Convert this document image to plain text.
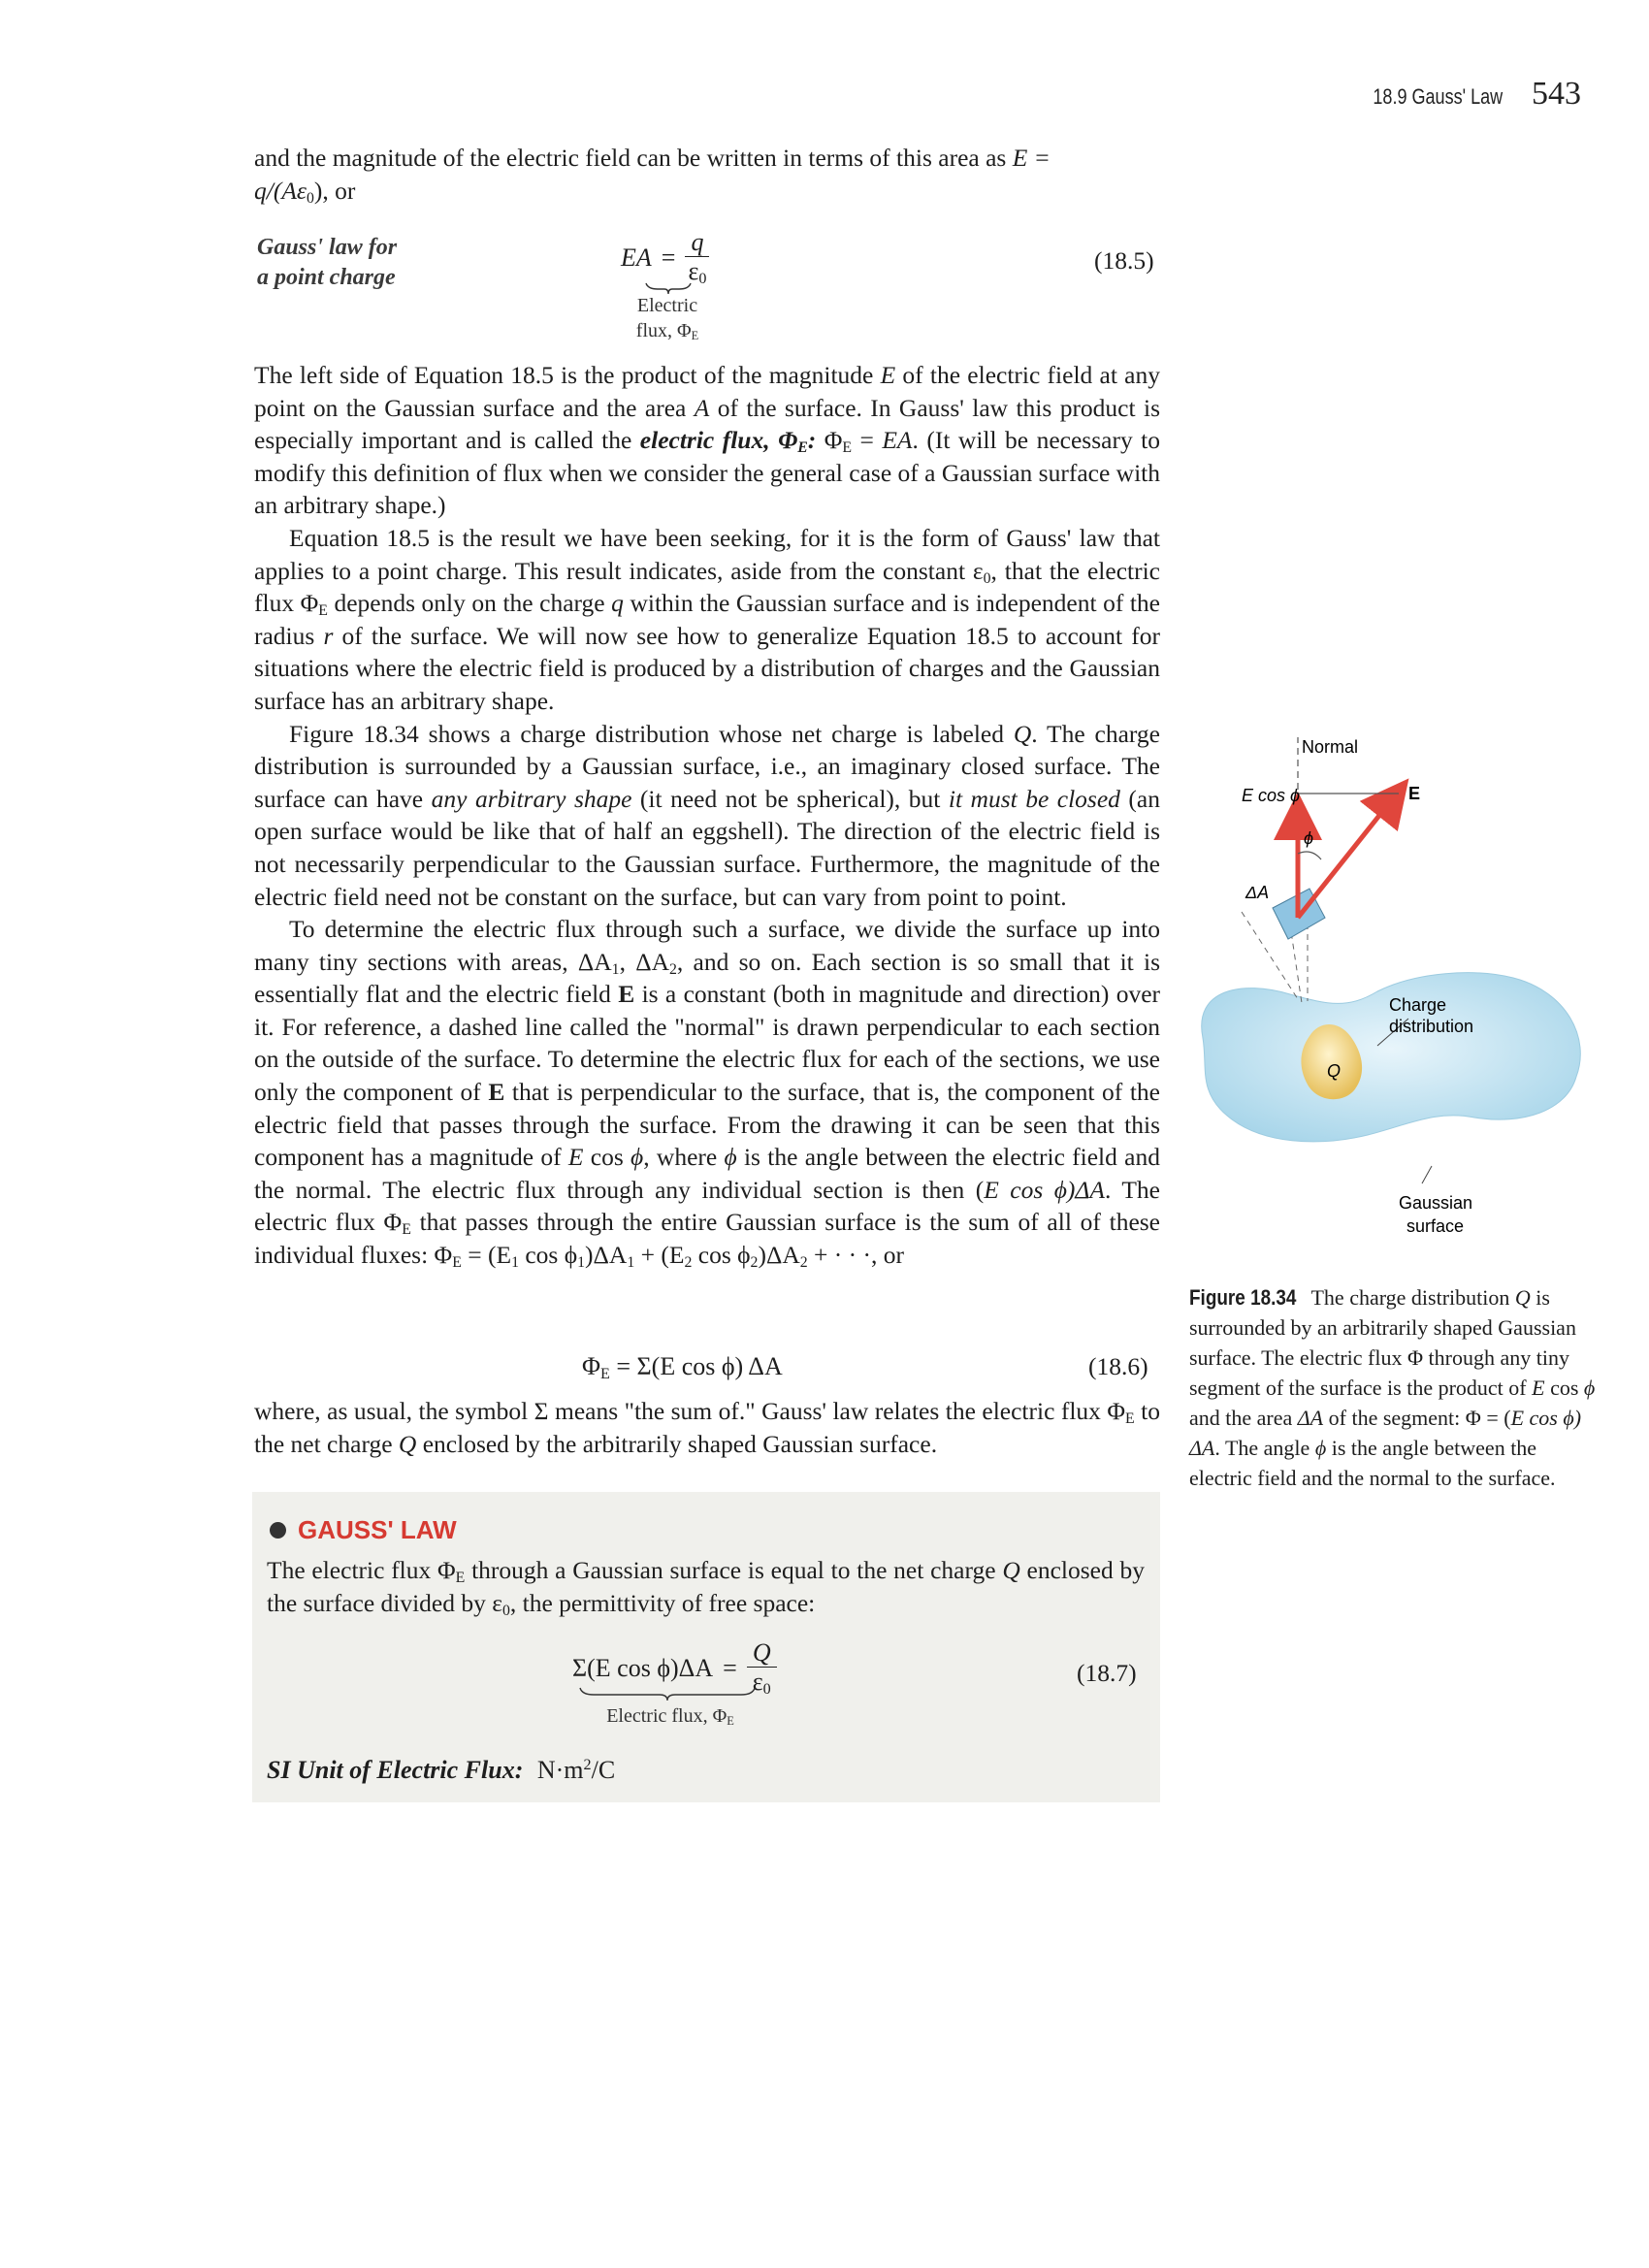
18.9 Gauss' Law 543

and the magnitude of the electric field can be written in terms of this area as E =
$q/(A\varepsilon_0)$, or

Gauss' law for
a point charge
EA = $\frac{q}{\varepsilon_0}$
Electric
flux, $\Phi_E$
(18.5)

The left side of Equation 18.5 is the product of the magnitude E of the electric field at any point on the Gaussian surface and the area A of the surface. In Gauss' law this product is especially important and is called the electric flux, $\Phi_E$: $\Phi_E$ = EA. (It will be necessary to modify this definition of flux when we consider the general case of a Gaussian surface with an arbitrary shape.)

Equation 18.5 is the result we have been seeking, for it is the form of Gauss' law that applies to a point charge. This result indicates, aside from the constant $\varepsilon_0$, that the electric flux $\Phi_E$ depends only on the charge q within the Gaussian surface and is independent of the radius r of the surface. We will now see how to generalize Equation 18.5 to account for situations where the electric field is produced by a distribution of charges and the Gaussian surface has an arbitrary shape.

Figure 18.34 shows a charge distribution whose net charge is labeled Q. The charge distribution is surrounded by a Gaussian surface, i.e., an imaginary closed surface. The surface can have any arbitrary shape (it need not be spherical), but it must be closed (an open surface would be like that of half an eggshell). The direction of the electric field is not necessarily perpendicular to the Gaussian surface. Furthermore, the magnitude of the electric field need not be constant on the surface, but can vary from point to point.

To determine the electric flux through such a surface, we divide the surface up into many tiny sections with areas, $\Delta A_1$, $\Delta A_2$, and so on. Each section is so small that it is essentially flat and the electric field E is a constant (both in magnitude and direction) over it. For reference, a dashed line called the "normal" is drawn perpendicular to each section on the outside of the surface. To determine the electric flux for each of the sections, we use only the component of E that is perpendicular to the surface, that is, the component of the electric field that passes through the surface. From the drawing it can be seen that this component has a magnitude of E cos ϕ, where ϕ is the angle between the electric field and the normal. The electric flux through any individual section is then (E cos ϕ)ΔA. The electric flux $\Phi_E$ that passes through the entire Gaussian surface is the sum of all of these individual fluxes: $\Phi_E = (E_1$ $\cos \phi_1)\Delta A_1 + (E_2$ $\cos \phi_2)\Delta A_2$ + · · ·, or

$\Phi_E = \Sigma(E$ cos ϕ) ΔA	(18.6)

where, as usual, the symbol Σ means "the sum of." Gauss' law relates the electric flux $\Phi_E$ to the net charge Q enclosed by the arbitrarily shaped Gaussian surface.

GAUSS' LAW
The electric flux $\Phi_E$ through a Gaussian surface is equal to the net charge Q enclosed by the surface divided by $\varepsilon_0$, the permittivity of free space:
Σ(E $\cos \phi)\Delta A = \frac{Q}{\varepsilon_0}$
Electric flux, $\Phi_E$
(18.7)
SI Unit of Electric Flux: $N\cdot m^2/C$
Q
Normal
E cos ϕ	E
ϕ
ΔA
Charge
distribution
Gaussian
surface
Figure 18.34 The charge distribution Q is surrounded by an arbitrarily shaped Gaussian surface. The electric flux Φ through any tiny segment of the surface is the product of E cos ϕ and the area ΔA of the segment: Φ = (E cos ϕ) ΔA. The angle ϕ is the angle between the electric field and the normal to the surface.
